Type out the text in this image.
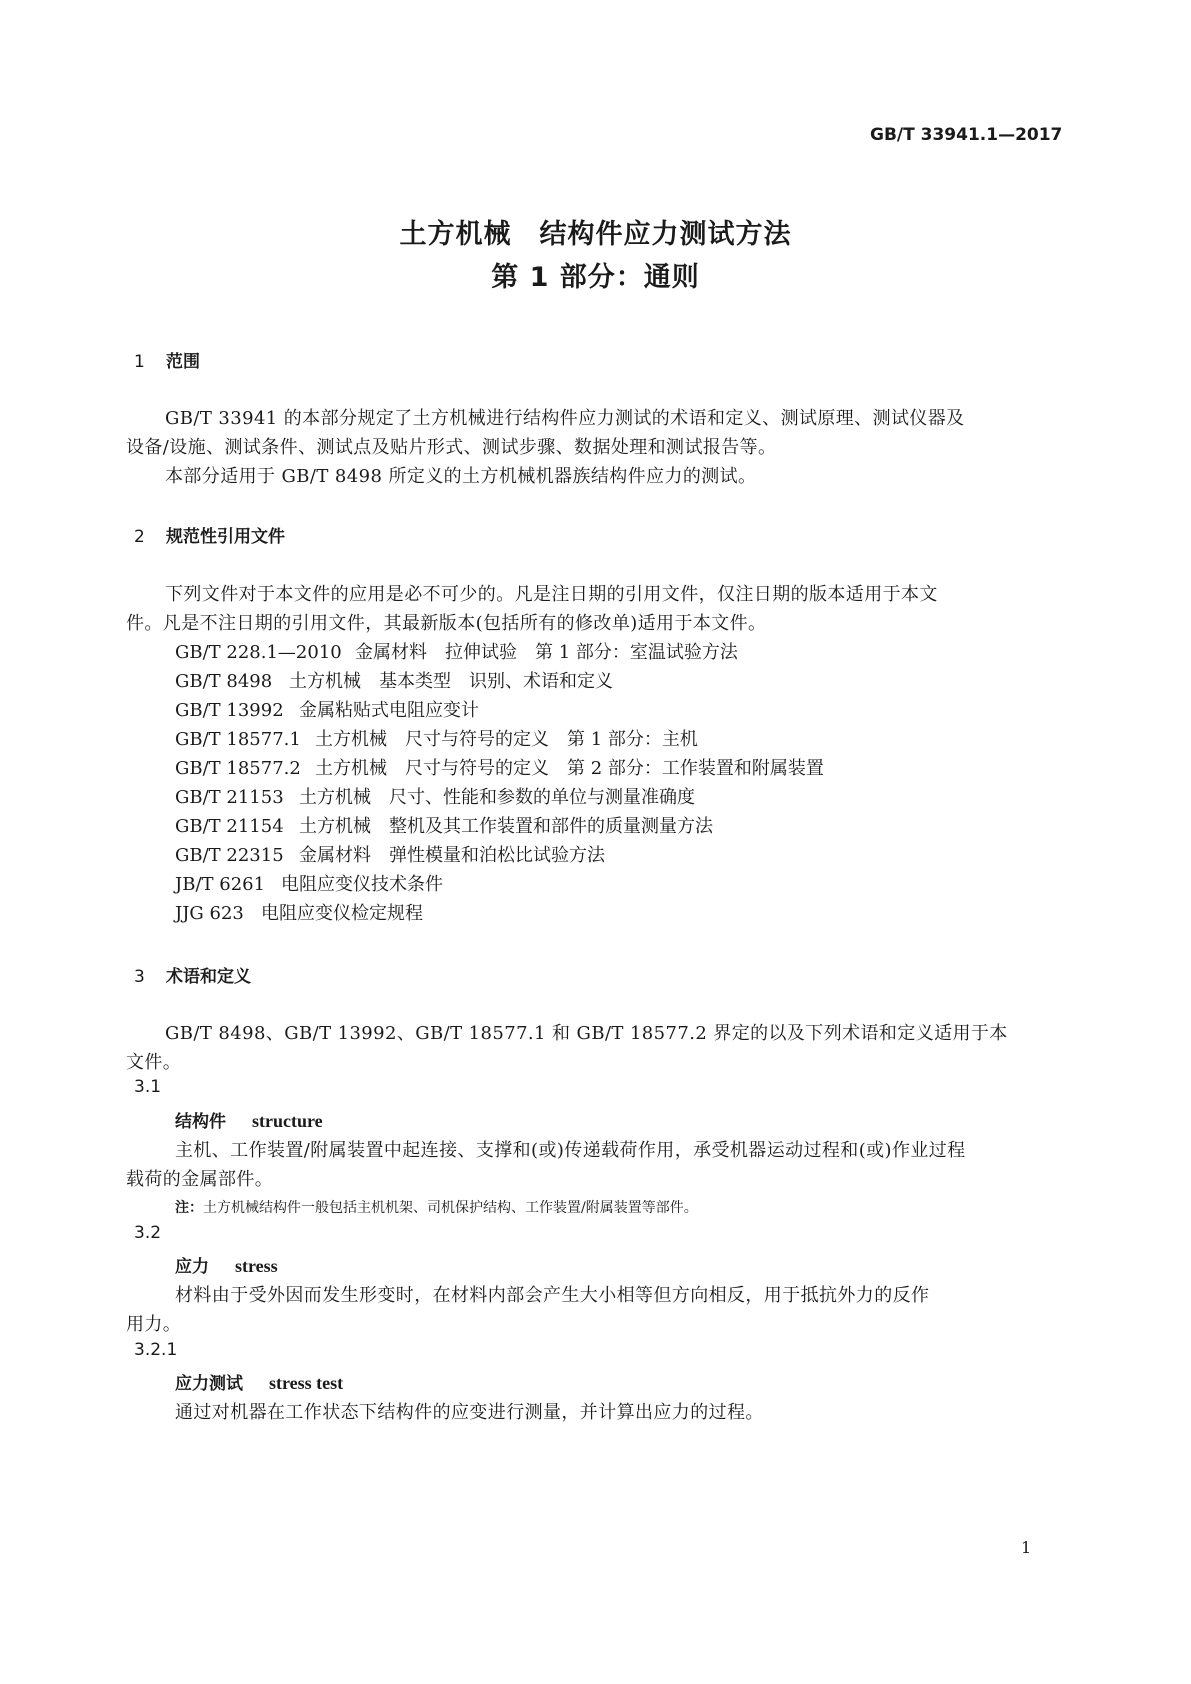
GB/T 33941.1—2017
土方机械　结构件应力测试方法
第 1 部分：通则
1 范围
GB/T 33941 的本部分规定了土方机械进行结构件应力测试的术语和定义、测试原理、测试仪器及
设备/设施、测试条件、测试点及贴片形式、测试步骤、数据处理和测试报告等。
本部分适用于 GB/T 8498 所定义的土方机械机器族结构件应力的测试。
2 规范性引用文件
下列文件对于本文件的应用是必不可少的。凡是注日期的引用文件，仅注日期的版本适用于本文
件。凡是不注日期的引用文件，其最新版本(包括所有的修改单)适用于本文件。
GB/T 228.1—2010 金属材料　拉伸试验　第 1 部分：室温试验方法
GB/T 8498 土方机械　基本类型　识别、术语和定义
GB/T 13992 金属粘贴式电阻应变计
GB/T 18577.1 土方机械　尺寸与符号的定义　第 1 部分：主机
GB/T 18577.2 土方机械　尺寸与符号的定义　第 2 部分：工作装置和附属装置
GB/T 21153 土方机械　尺寸、性能和参数的单位与测量准确度
GB/T 21154 土方机械　整机及其工作装置和部件的质量测量方法
GB/T 22315 金属材料　弹性模量和泊松比试验方法
JB/T 6261 电阻应变仪技术条件
JJG 623 电阻应变仪检定规程
3 术语和定义
GB/T 8498、GB/T 13992、GB/T 18577.1 和 GB/T 18577.2 界定的以及下列术语和定义适用于本
文件。
3.1
结构件 structure
主机、工作装置/附属装置中起连接、支撑和(或)传递载荷作用，承受机器运动过程和(或)作业过程
载荷的金属部件。
注：土方机械结构件一般包括主机机架、司机保护结构、工作装置/附属装置等部件。
3.2
应力 stress
材料由于受外因而发生形变时，在材料内部会产生大小相等但方向相反，用于抵抗外力的反作
用力。
3.2.1
应力测试 stress test
通过对机器在工作状态下结构件的应变进行测量，并计算出应力的过程。
1
